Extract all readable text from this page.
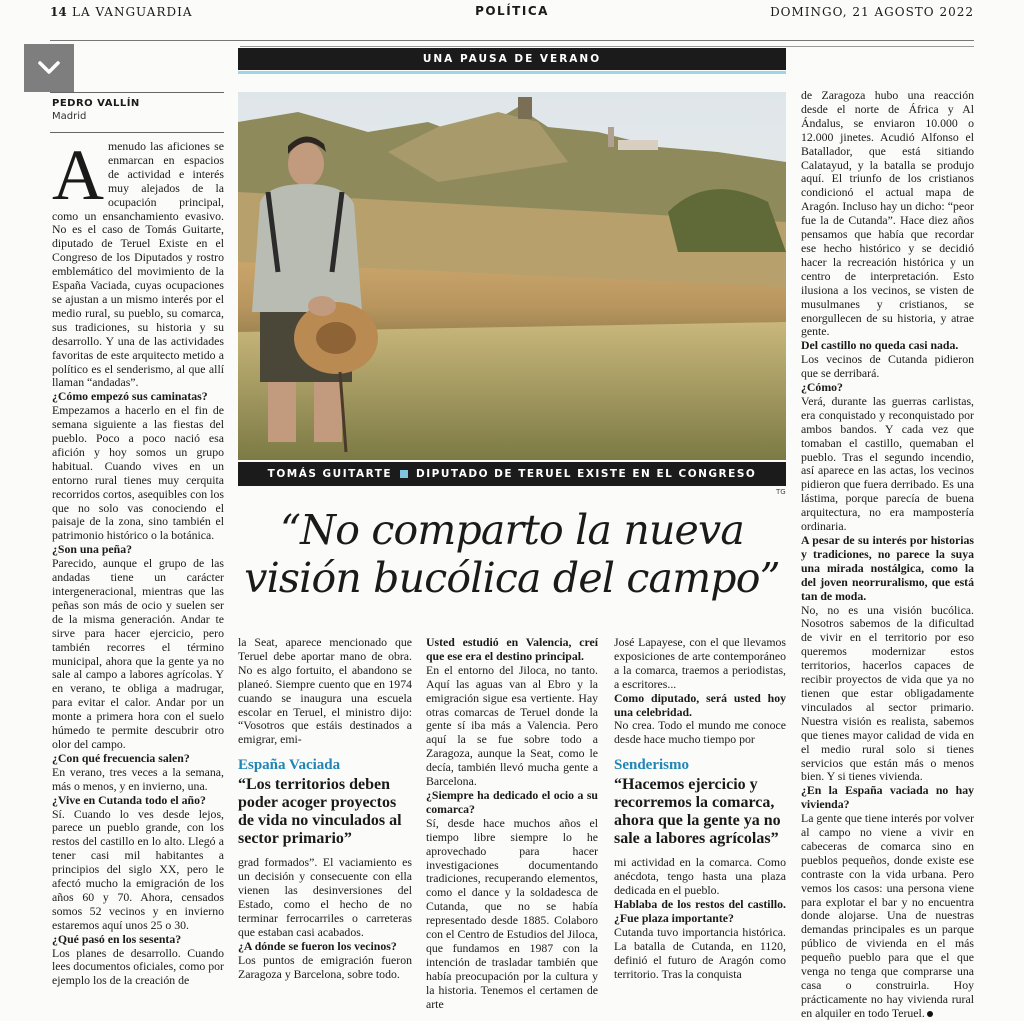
14 LA VANGUARDIA	POLÍTICA	DOMINGO, 21 AGOSTO 2022
PEDRO VALLÍN
Madrid
UNA PAUSA DE VERANO
TOMÁS GUITARTE DIPUTADO DE TERUEL EXISTE EN EL CONGRESO
TG
“No comparto la nueva
visión bucólica del campo”

Amenudo las aficiones se enmarcan en espacios de actividad e interés muy alejados de la ocupación principal, como un ensanchamiento evasivo. No es el caso de Tomás Guitarte, diputado de Teruel Existe en el Congreso de los Diputados y rostro emblemático del movimiento de la España Vaciada, cuyas ocupaciones se ajustan a un mismo interés por el medio rural, su pueblo, su comarca, sus tradiciones, su historia y su desarrollo. Y una de las actividades favoritas de este arquitecto metido a político es el senderismo, al que allí llaman “andadas”.

¿Cómo empezó sus caminatas?

Empezamos a hacerlo en el fin de semana siguiente a las fiestas del pueblo. Poco a poco nació esa afición y hoy somos un grupo habitual. Cuando vives en un entorno rural tienes muy cerquita recorridos cortos, asequibles con los que no solo vas conociendo el paisaje de la zona, sino también el patrimonio histórico o la botánica.

¿Son una peña?

Parecido, aunque el grupo de las andadas tiene un carácter intergeneracional, mientras que las peñas son más de ocio y suelen ser de la misma generación. Andar te sirve para hacer ejercicio, pero también recorres el término municipal, ahora que la gente ya no sale al campo a labores agrícolas. Y en verano, te obliga a madrugar, para evitar el calor. Andar por un monte a primera hora con el suelo húmedo te permite descubrir otro olor del campo.

¿Con qué frecuencia salen?

En verano, tres veces a la semana, más o menos, y en invierno, una.

¿Vive en Cutanda todo el año?

Sí. Cuando lo ves desde lejos, parece un pueblo grande, con los restos del castillo en lo alto. Llegó a tener casi mil habitantes a principios del siglo XX, pero le afectó mucho la emigración de los años 60 y 70. Ahora, censados somos 52 vecinos y en invierno estaremos aquí unos 25 o 30.

¿Qué pasó en los sesenta?

Los planes de desarrollo. Cuando lees documentos oficiales, como por ejemplo los de la creación de

la Seat, aparece mencionado que Teruel debe aportar mano de obra. No es algo fortuito, el abandono se planeó. Siempre cuento que en 1974 cuando se inaugura una escuela escolar en Teruel, el ministro dijo: “Vosotros que estáis destinados a emigrar, emi-

España Vaciada
“Los territorios deben poder acoger proyectos de vida no vinculados al sector primario”

grad formados”. El vaciamiento es un decisión y consecuente con ella vienen las desinversiones del Estado, como el hecho de no terminar ferrocarriles o carreteras que estaban casi acabados.

¿A dónde se fueron los vecinos?

Los puntos de emigración fueron Zaragoza y Barcelona, sobre todo.

Usted estudió en Valencia, creí que ese era el destino principal.

En el entorno del Jiloca, no tanto. Aquí las aguas van al Ebro y la emigración sigue esa vertiente. Hay otras comarcas de Teruel donde la gente sí iba más a Valencia. Pero aquí la se fue sobre todo a Zaragoza, aunque la Seat, como le decía, también llevó mucha gente a Barcelona.

¿Siempre ha dedicado el ocio a su comarca?

Sí, desde hace muchos años el tiempo libre siempre lo he aprovechado para hacer investigaciones documentando tradiciones, recuperando elementos, como el dance y la soldadesca de Cutanda, que no se había representado desde 1885. Colaboro con el Centro de Estudios del Jiloca, que fundamos en 1987 con la intención de trasladar también que había preocupación por la cultura y la historia. Tenemos el certamen de arte

José Lapayese, con el que llevamos exposiciones de arte contemporáneo a la comarca, traemos a periodistas, a escritores...

Como diputado, será usted hoy una celebridad.

No crea. Todo el mundo me conoce desde hace mucho tiempo por

Senderismo
“Hacemos ejercicio y recorremos la comarca, ahora que la gente ya no sale a labores agrícolas”

mi actividad en la comarca. Como anécdota, tengo hasta una plaza dedicada en el pueblo.

Hablaba de los restos del castillo. ¿Fue plaza importante?

Cutanda tuvo importancia histórica. La batalla de Cutanda, en 1120, definió el futuro de Aragón como territorio. Tras la conquista

de Zaragoza hubo una reacción desde el norte de África y Al Ándalus, se enviaron 10.000 o 12.000 jinetes. Acudió Alfonso el Batallador, que está sitiando Calatayud, y la batalla se produjo aquí. El triunfo de los cristianos condicionó el actual mapa de Aragón. Incluso hay un dicho: “peor fue la de Cutanda”. Hace diez años pensamos que había que recordar ese hecho histórico y se decidió hacer la recreación histórica y un centro de interpretación. Esto ilusiona a los vecinos, se visten de musulmanes y cristianos, se enorgullecen de su historia, y atrae gente.

Del castillo no queda casi nada.

Los vecinos de Cutanda pidieron que se derribará.

¿Cómo?

Verá, durante las guerras carlistas, era conquistado y reconquistado por ambos bandos. Y cada vez que tomaban el castillo, quemaban el pueblo. Tras el segundo incendio, así aparece en las actas, los vecinos pidieron que fuera derribado. Es una lástima, porque parecía de buena arquitectura, no era mampostería ordinaria.

A pesar de su interés por historias y tradiciones, no parece la suya una mirada nostálgica, como la del joven neorruralismo, que está tan de moda.

No, no es una visión bucólica. Nosotros sabemos de la dificultad de vivir en el territorio por eso queremos modernizar estos territorios, hacerlos capaces de recibir proyectos de vida que ya no tienen que estar obligadamente vinculados al sector primario. Nuestra visión es realista, sabemos que tienes mayor calidad de vida en el medio rural solo si tienes servicios que están más o menos bien. Y si tienes vivienda.

¿En la España vaciada no hay vivienda?

La gente que tiene interés por volver al campo no viene a vivir en cabeceras de comarca sino en pueblos pequeños, donde existe ese contraste con la vida urbana. Pero vemos los casos: una persona viene para explotar el bar y no encuentra donde alojarse. Una de nuestras demandas principales es un parque público de vivienda en el más pequeño pueblo para que el que venga no tenga que comprarse una casa o construirla. Hoy prácticamente no hay vivienda rural en alquiler en todo Teruel.
